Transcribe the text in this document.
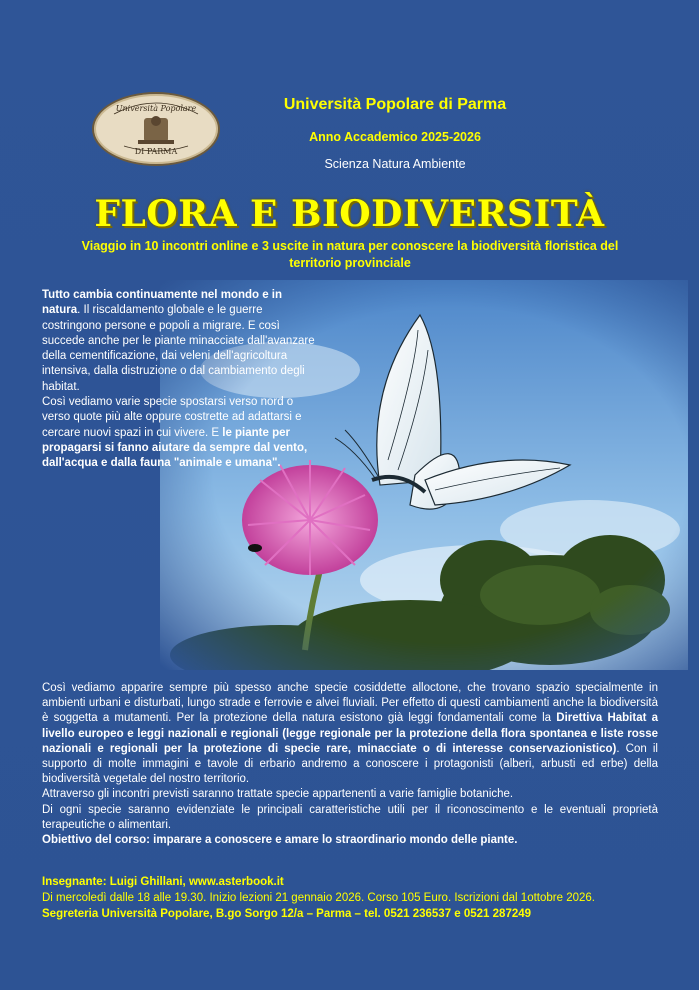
Università Popolare
DI PARMA
Università Popolare di Parma
Anno Accademico 2025-2026
Scienza Natura Ambiente
FLORA E BIODIVERSITÀ
Viaggio in 10 incontri online e 3 uscite in natura per conoscere la biodiversità floristica del territorio provinciale

Tutto cambia continuamente nel mondo e in natura. Il riscaldamento globale e le guerre costringono persone e popoli a migrare. E così succede anche per le piante minacciate dall'avanzare della cementificazione, dai veleni dell'agricoltura intensiva, dalla distruzione o dal cambiamento degli habitat.

Così vediamo varie specie spostarsi verso nord o verso quote più alte oppure costrette ad adattarsi e cercare nuovi spazi in cui vivere. E le piante per propagarsi si fanno aiutare da sempre dal vento, dall'acqua e dalla fauna "animale e umana".

Così vediamo apparire sempre più spesso anche specie cosiddette alloctone, che trovano spazio specialmente in ambienti urbani e disturbati, lungo strade e ferrovie e alvei fluviali. Per effetto di questi cambiamenti anche la biodiversità è soggetta a mutamenti. Per la protezione della natura esistono già leggi fondamentali come la Direttiva Habitat a livello europeo e leggi nazionali e regionali (legge regionale per la protezione della flora spontanea e liste rosse nazionali e regionali per la protezione di specie rare, minacciate o di interesse conservazionistico). Con il supporto di molte immagini e tavole di erbario andremo a conoscere i protagonisti (alberi, arbusti ed erbe) della biodiversità vegetale del nostro territorio.

Attraverso gli incontri previsti saranno trattate specie appartenenti a varie famiglie botaniche.

Di ogni specie saranno evidenziate le principali caratteristiche utili per il riconoscimento e le eventuali proprietà terapeutiche o alimentari.

Obiettivo del corso: imparare a conoscere e amare lo straordinario mondo delle piante.

Insegnante: Luigi Ghillani, www.asterbook.it
Di mercoledì dalle 18 alle 19.30. Inizio lezioni 21 gennaio 2026. Corso 105 Euro. Iscrizioni dal 1ottobre 2026.
Segreteria Università Popolare, B.go Sorgo 12/a – Parma – tel. 0521 236537 e 0521 287249
